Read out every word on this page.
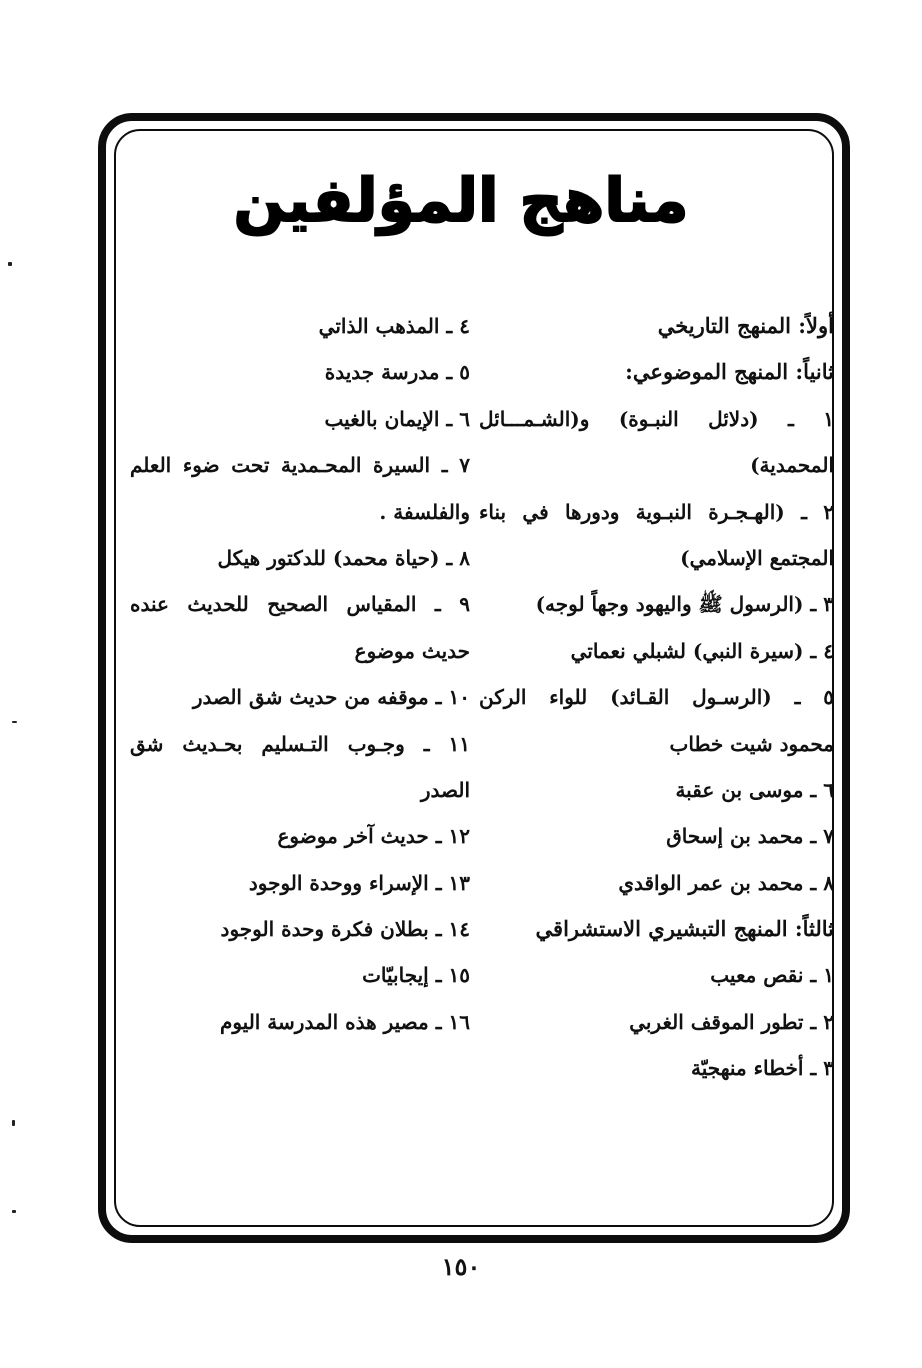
مناهج المؤلفين
أولاً: المنهج التاريخي
ثانياً: المنهج الموضوعي:
١ ـ (دلائل النبـوة) و(الشـمـــائل
المحمدية)
٢ ـ (الهـجـرة النبـوية ودورها في بناء
المجتمع الإسلامي)
٣ ـ (الرسول ﷺ واليهود وجهاً لوجه)
٤ ـ (سيرة النبي) لشبلي نعماتي
٥ ـ (الرسـول القـائد) للواء الركن
محمود شيت خطاب
٦ ـ موسى بن عقبة
٧ ـ محمد بن إسحاق
٨ ـ محمد بن عمر الواقدي
ثالثاً: المنهج التبشيري الاستشراقي
١ ـ نقص معيب
٢ ـ تطور الموقف الغربي
٣ ـ أخطاء منهجيّة
٤ ـ المذهب الذاتي
٥ ـ مدرسة جديدة
٦ ـ الإيمان بالغيب
٧ ـ السيرة المحـمدية تحت ضوء العلم
والفلسفة .
٨ ـ (حياة محمد) للدكتور هيكل
٩ ـ المقياس الصحيح للحديث عنده
حديث موضوع
١٠ ـ موقفه من حديث شق الصدر
١١ ـ وجـوب التـسليم بحـديث شق
الصدر
١٢ ـ حديث آخر موضوع
١٣ ـ الإسراء ووحدة الوجود
١٤ ـ بطلان فكرة وحدة الوجود
١٥ ـ إيجابيّات
١٦ ـ مصير هذه المدرسة اليوم
١٥٠
